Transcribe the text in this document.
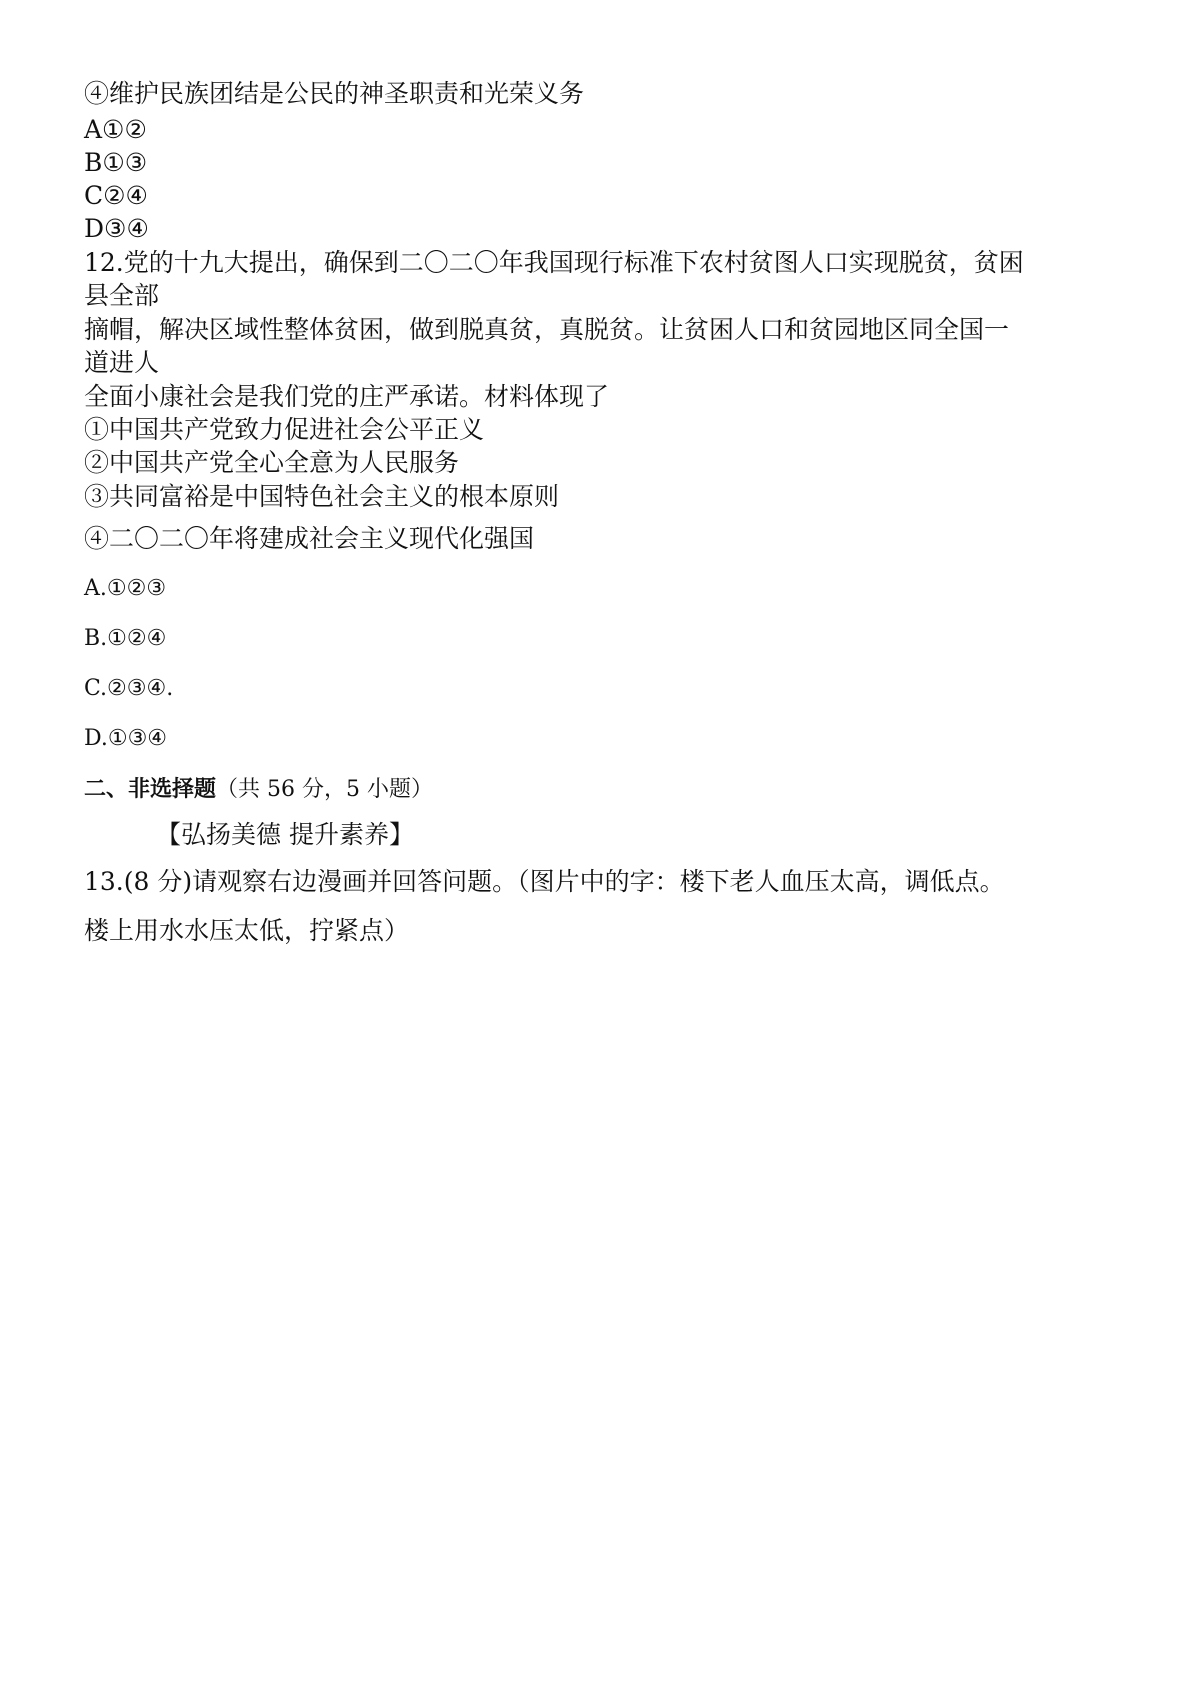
④维护民族团结是公民的神圣职责和光荣义务
A①②
B①③
C②④
D③④
12.党的十九大提出，确保到二〇二〇年我国现行标准下农村贫图人口实现脱贫，贫困
县全部
摘帽，解决区域性整体贫困，做到脱真贫，真脱贫。让贫困人口和贫园地区同全国一
道进人
全面小康社会是我们党的庄严承诺。材料体现了
①中国共产党致力促进社会公平正义
②中国共产党全心全意为人民服务
③共同富裕是中国特色社会主义的根本原则
④二〇二〇年将建成社会主义现代化强国
A.①②③
B.①②④
C.②③④.
D.①③④
二、非选择题（共 56 分，5 小题）
【弘扬美德 提升素养】
13.(8 分)请观察右边漫画并回答问题。（图片中的字：楼下老人血压太高，调低点。
楼上用水水压太低，拧紧点）
